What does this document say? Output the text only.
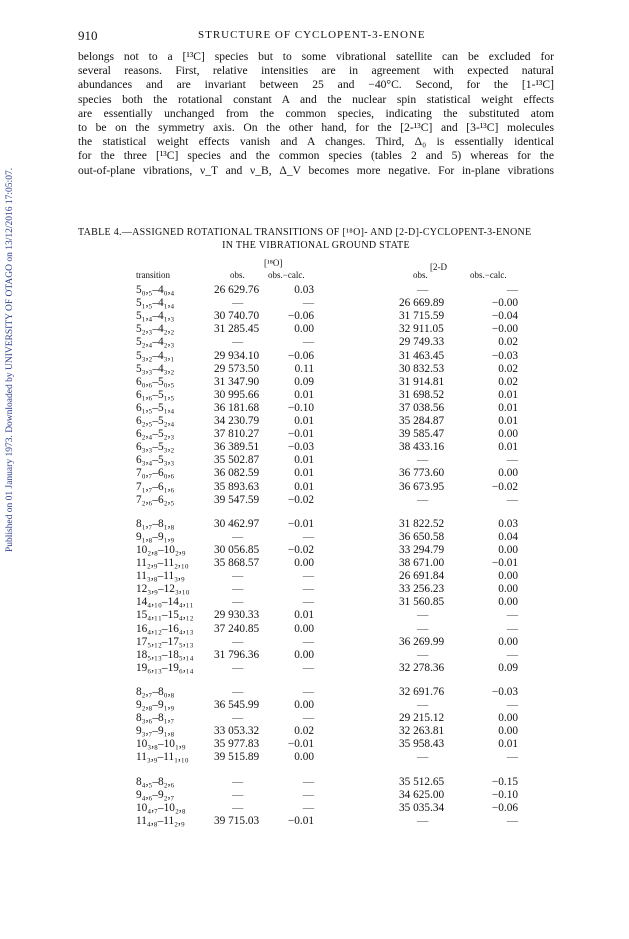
Published on 01 January 1973. Downloaded by UNIVERSITY OF OTAGO on 13/12/2016 17:05:07.
910	STRUCTURE OF CYCLOPENT-3-ENONE

belongs not to a [¹³C] species but to some vibrational satellite can be excluded for
several reasons. First, relative intensities are in agreement with expected natural
abundances and are invariant between 25 and −40°C. Second, for the [1-¹³C]
species both the rotational constant A and the nuclear spin statistical weight effects
are essentially unchanged from the common species, indicating the substituted atom
to be on the symmetry axis. On the other hand, for the [2-¹³C] and [3-¹³C] molecules
the statistical weight effects vanish and A changes. Third, Δ₀ is essentially identical
for the three [¹³C] species and the common species (tables 2 and 5) whereas for the
out-of-plane vibrations, ν_T and ν_B, Δ_V becomes more negative. For in-plane vibrations

TABLE 4.—ASSIGNED ROTATIONAL TRANSITIONS OF [¹⁸O]- AND [2-D]-CYCLOPENT-3-ENONE
IN THE VIBRATIONAL GROUND STATE
[¹⁸O]	[2-D
transition	obs.	obs.−calc.	obs.	obs.−calc.
5₀,₅–4₀,₄	26 629.76	0.03	—	—
5₁,₅–4₁,₄	—	—	26 669.89	−0.00
5₁,₄–4₁,₃	30 740.70	−0.06	31 715.59	−0.04
5₂,₃–4₂,₂	31 285.45	0.00	32 911.05	−0.00
5₂,₄–4₂,₃	—	—	29 749.33	0.02
5₃,₂–4₃,₁	29 934.10	−0.06	31 463.45	−0.03
5₃,₃–4₃,₂	29 573.50	0.11	30 832.53	0.02
6₀,₆–5₀,₅	31 347.90	0.09	31 914.81	0.02
6₁,₆–5₁,₅	30 995.66	0.01	31 698.52	0.01
6₁,₅–5₁,₄	36 181.68	−0.10	37 038.56	0.01
6₂,₅–5₂,₄	34 230.79	0.01	35 284.87	0.01
6₂,₄–5₂,₃	37 810.27	−0.01	39 585.47	0.00
6₃,₃–5₃,₂	36 389.51	−0.03	38 433.16	0.01
6₃,₄–5₃,₃	35 502.87	0.01	—	—
7₀,₇–6₀,₆	36 082.59	0.01	36 773.60	0.00
7₁,₇–6₁,₆	35 893.63	0.01	36 673.95	−0.02
7₂,₆–6₂,₅	39 547.59	−0.02	—	—
8₁,₇–8₁,₈	30 462.97	−0.01	31 822.52	0.03
9₁,₈–9₁,₉	—	—	36 650.58	0.04
10₂,₈–10₂,₉	30 056.85	−0.02	33 294.79	0.00
11₂,₉–11₂,₁₀ 35 868.57	0.00	38 671.00	−0.01
11₃,₈–11₃,₉	—	—	26 691.84	0.00
12₃,₉–12₃,₁₀	—	—	33 256.23	0.00
14₄,₁₀–14₄,₁₁	—	—	31 560.85	0.00
15₄,₁₁–15₄,₁₂ 29 930.33	0.01	—	—
16₄,₁₂–16₄,₁₃ 37 240.85	0.00	—	—
17₅,₁₂–17₅,₁₃	—	—	36 269.99	0.00
18₅,₁₃–18₅,₁₄ 31 796.36	0.00	—	—
19₆,₁₃–19₆,₁₄	—	—	32 278.36	0.09
8₂,₇–8₀,₈	—	—	32 691.76	−0.03
9₂,₈–9₁,₉	36 545.99	0.00	—	—
8₃,₆–8₁,₇	—	—	29 215.12	0.00
9₃,₇–9₁,₈	33 053.32	0.02	32 263.81	0.00
10₃,₈–10₁,₉	35 977.83	−0.01	35 958.43	0.01
11₃,₉–11₁,₁₀ 39 515.89	0.00	—	—
8₄,₅–8₂,₆	—	—	35 512.65	−0.15
9₄,₆–9₂,₇	—	—	34 625.00	−0.10
10₄,₇–10₂,₈	—	—	35 035.34	−0.06
11₄,₈–11₂,₉	39 715.03	−0.01	—	—
